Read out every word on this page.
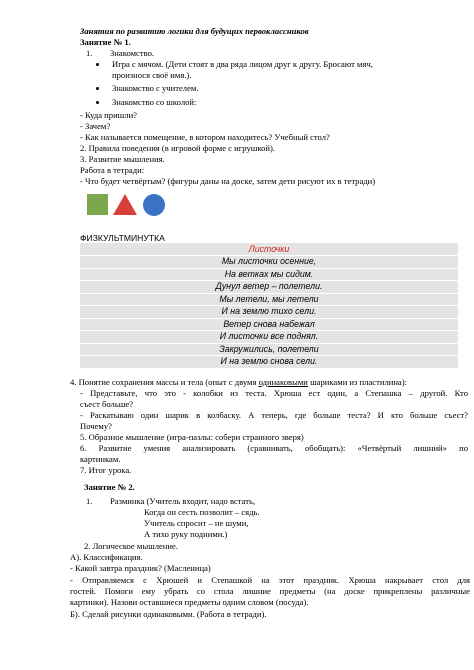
Занятия по развитию логики для будущих первоклассников
Занятие № 1.
1. Знакомство.
Игра с мячом. (Дети стоят в два ряда лицом друг к другу. Бросают мяч,
произнося своё имя.).
Знакомство с учителем.
Знакомство со школой:
- Куда пришли?
- Зачем?
- Как называется помещение, в котором находитесь? Учебный стол?
2. Правила поведения (в игровой форме с игрушкой).
3. Развитие мышления.
Работа в тетради:
- Что будет четвёртым? (фигуры даны на доске, затем дети рисуют их в тетради)
ФИЗКУЛЬТМИНУТКА
Листочки
Мы листочки осенние,
На ветках мы сидим.
Дунул ветер – полетели.
Мы летели, мы летели
И на землю тихо сели.
Ветер снова набежал
И листочки все поднял.
Закружились, полетели
И на землю снова сели.
4. Понятие сохранения массы и тела (опыт с двумя одинаковыми шариками из пластилина):
- Представьте, что это - колобки из теста. Хрюша ест один, а Степашка – другой. Кто
съест больше?
- Раскатываю один шарик в колбаску. А теперь, где больше теста? И кто больше съест?
Почему?
5. Образное мышление (игра-пазлы: собери странного зверя)
6. Развитие умения анализировать (сравнивать, обобщать): «Четвёртый лишний» по
картинкам.
7. Итог урока.
Занятие № 2.
1. Разминка (Учитель входит, надо встать,
Когда он сесть позволит – сядь.
Учитель спросит – не шуми,
А тихо руку подними.)
2. Логическое мышление.
А). Классификация.
- Какой завтра праздник? (Масленица)
- Отправляемся с Хрюшей и Степашкой на этот праздник. Хрюша накрывает стол для
гостей. Помоги ему убрать со стола лишние предметы (на доске прикреплены различные
картинки). Назови оставшиеся предметы одним словом (посуда).
Б). Сделай рисунки одинаковыми. (Работа в тетради).
